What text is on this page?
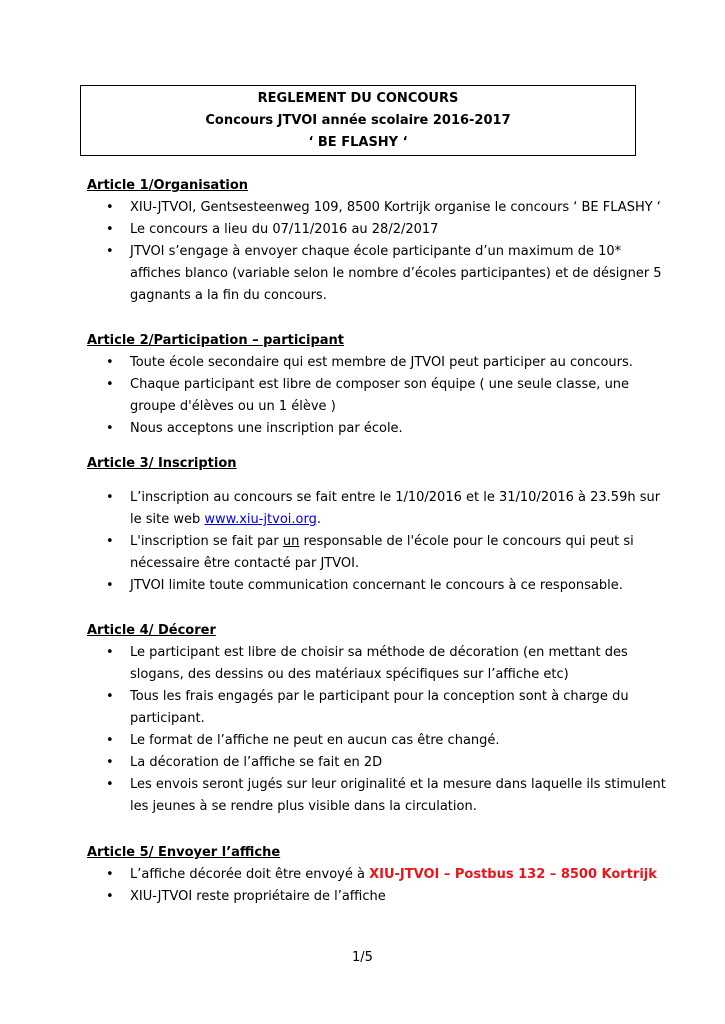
REGLEMENT DU CONCOURS
Concours JTVOI année scolaire 2016-2017
‘ BE FLASHY ‘
Article 1/Organisation
• XIU-JTVOI, Gentsesteenweg 109, 8500 Kortrijk organise le concours ‘ BE FLASHY ‘
• Le concours a lieu du 07/11/2016 au 28/2/2017
• JTVOI s’engage à envoyer chaque école participante d’un maximum de 10*
affiches blanco (variable selon le nombre d’écoles participantes) et de désigner 5
gagnants a la fin du concours.
Article 2/Participation – participant
• Toute école secondaire qui est membre de JTVOI peut participer au concours.
• Chaque participant est libre de composer son équipe ( une seule classe, une
groupe d'élèves ou un 1 élève )
• Nous acceptons une inscription par école.
Article 3/ Inscription
• L’inscription au concours se fait entre le 1/10/2016 et le 31/10/2016 à 23.59h sur
le site web www.xiu-jtvoi.org.
• L'inscription se fait par un responsable de l'école pour le concours qui peut si
nécessaire être contacté par JTVOI.
• JTVOI limite toute communication concernant le concours à ce responsable.
Article 4/ Décorer
• Le participant est libre de choisir sa méthode de décoration (en mettant des
slogans, des dessins ou des matériaux spécifiques sur l’affiche etc)
• Tous les frais engagés par le participant pour la conception sont à charge du
participant.
• Le format de l’affiche ne peut en aucun cas être changé.
• La décoration de l’affiche se fait en 2D
• Les envois seront jugés sur leur originalité et la mesure dans laquelle ils stimulent
les jeunes à se rendre plus visible dans la circulation.
Article 5/ Envoyer l’affiche
• L’affiche décorée doit être envoyé à XIU-JTVOI – Postbus 132 – 8500 Kortrijk
• XIU-JTVOI reste propriétaire de l’affiche
1/5
